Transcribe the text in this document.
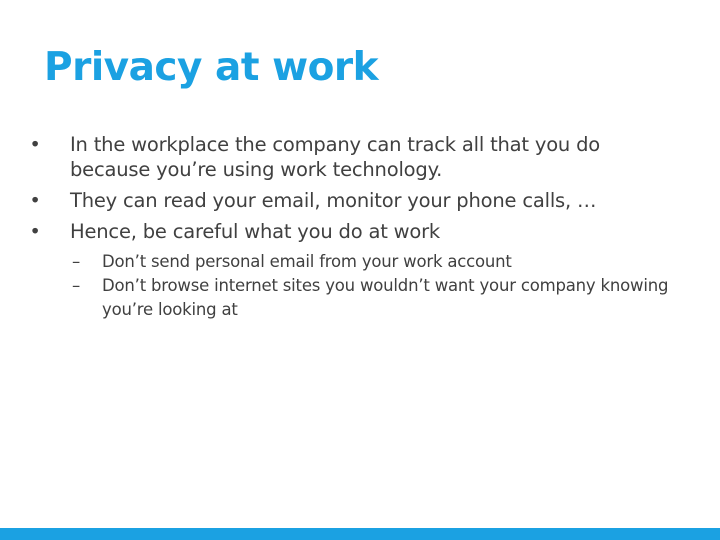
Privacy at work
• In the workplace the company can track all that you do because you’re using work technology.
• They can read your email, monitor your phone calls, …
• Hence, be careful what you do at work
– Don’t send personal email from your work account
– Don’t browse internet sites you wouldn’t want your company knowing you’re looking at
